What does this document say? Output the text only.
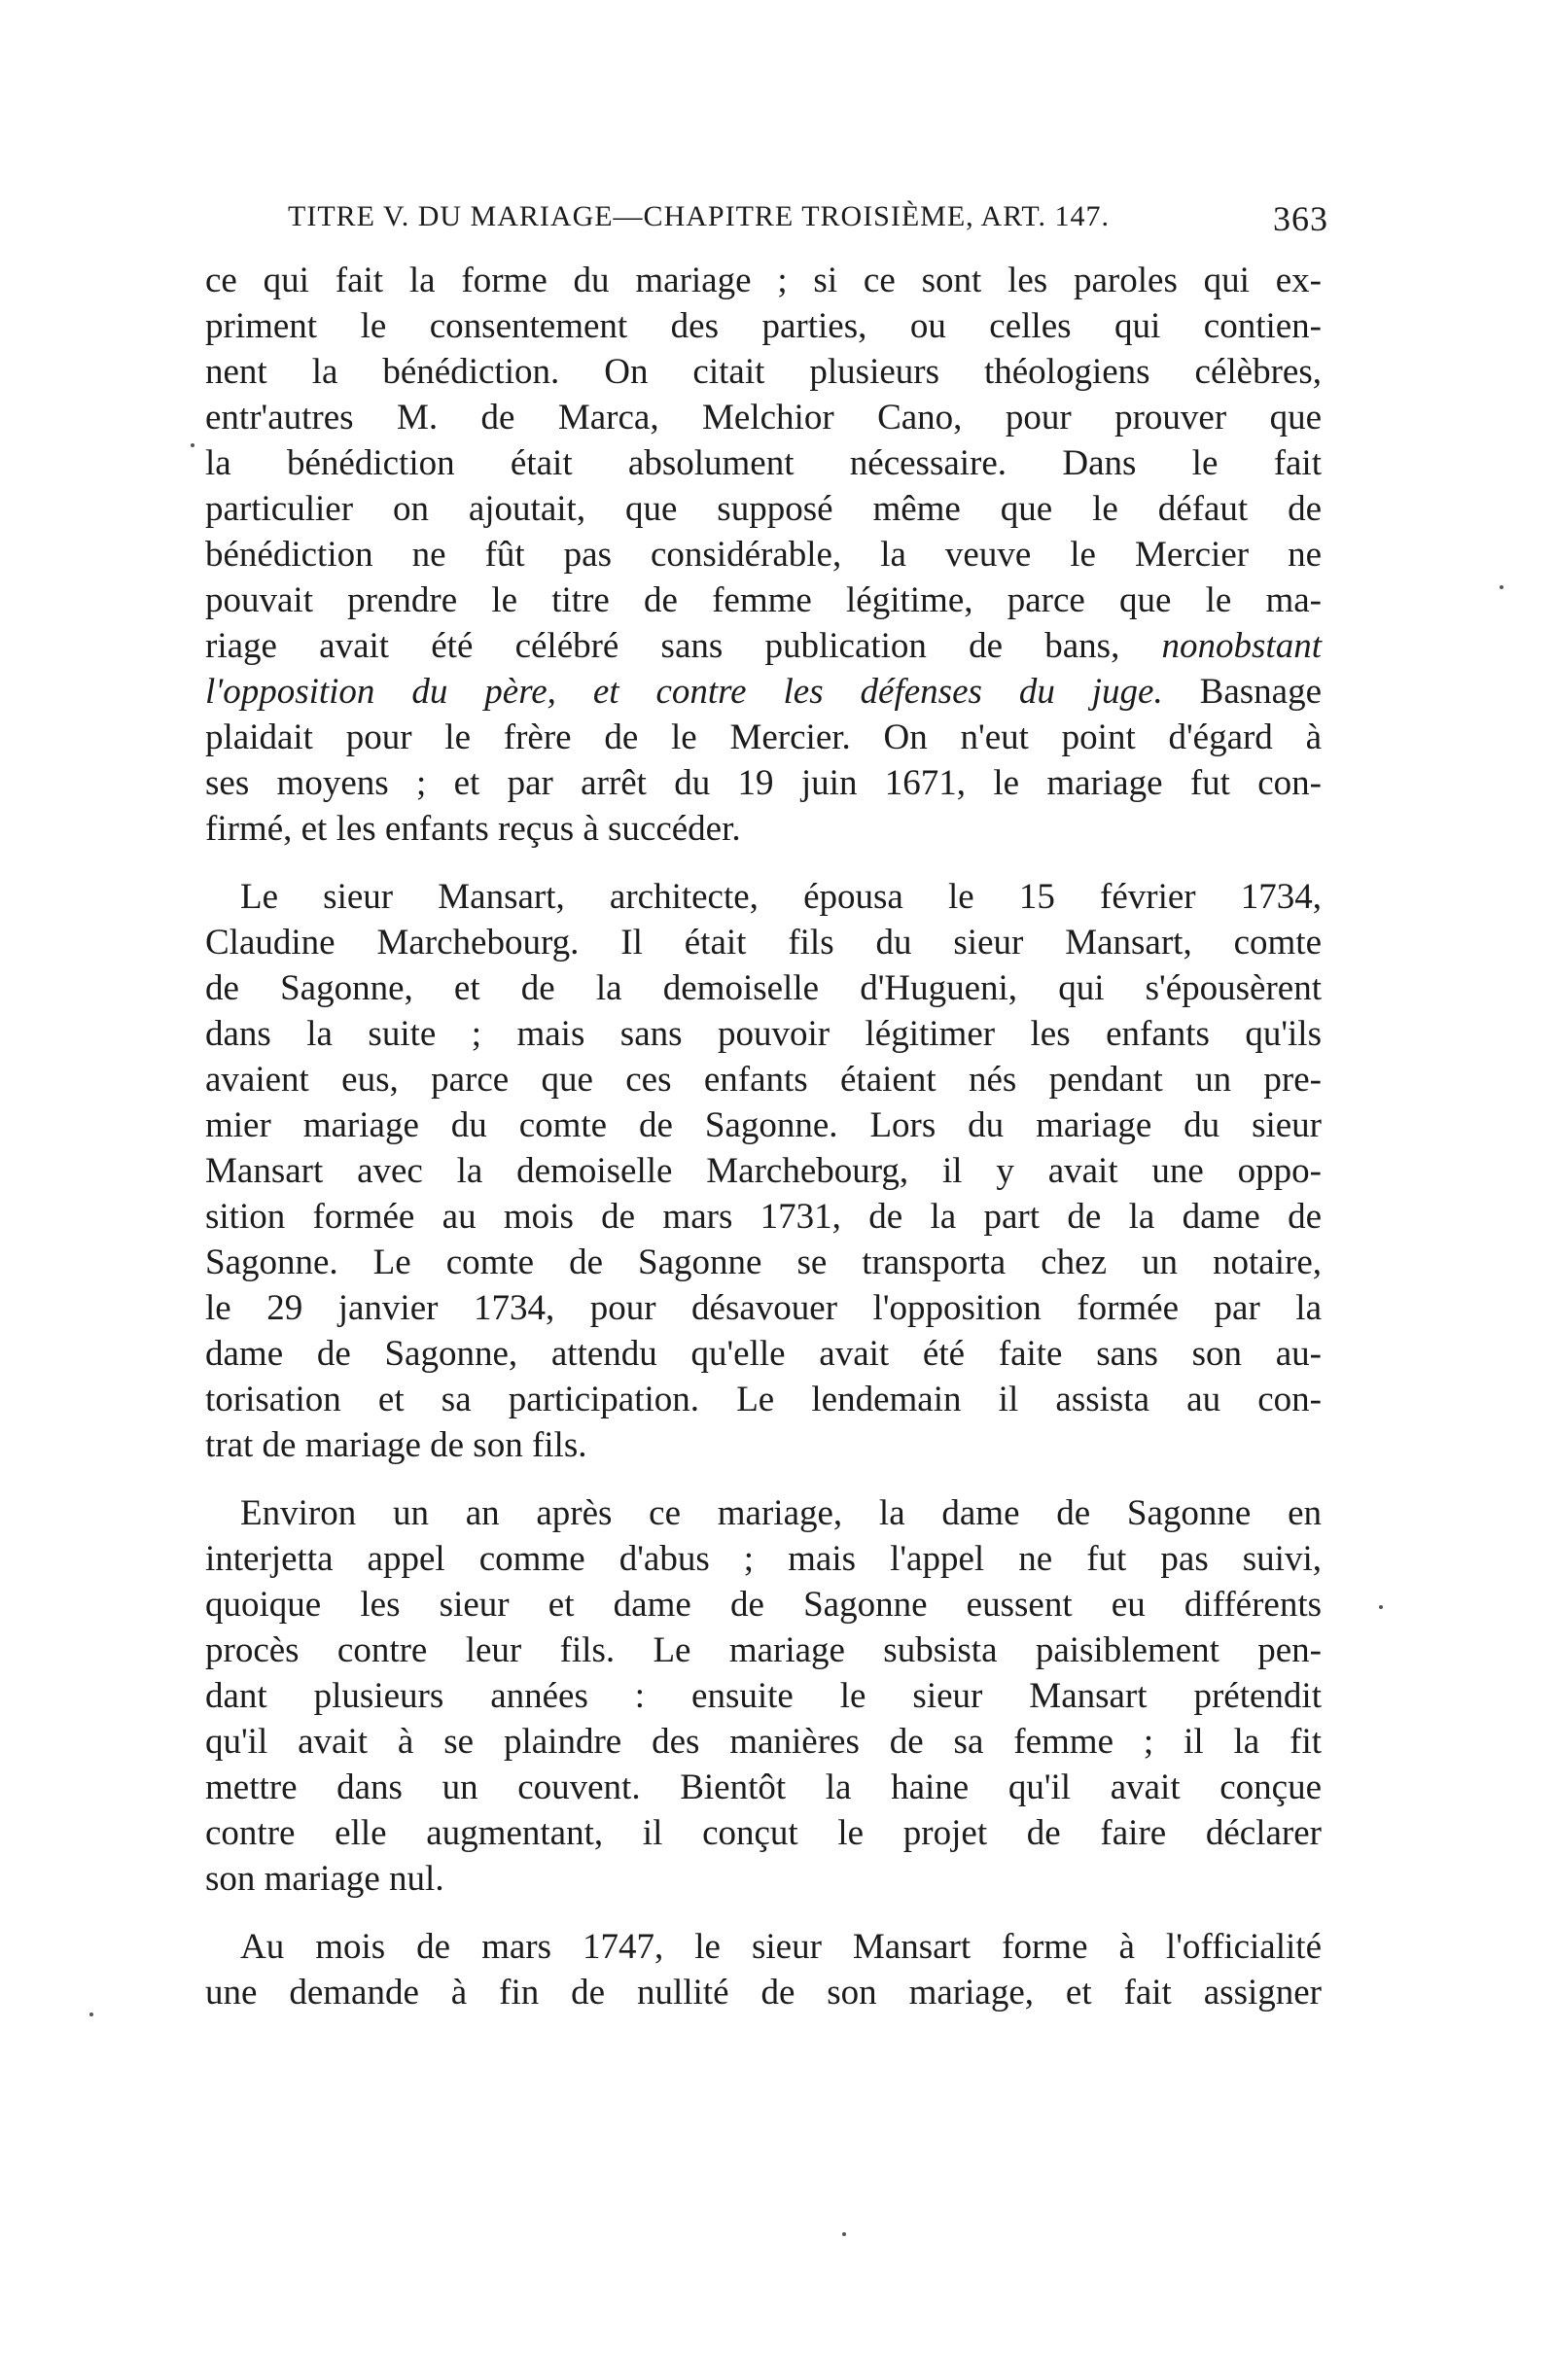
TITRE V. DU MARIAGE—CHAPITRE TROISIÈME, ART. 147.	363
ce qui fait la forme du mariage ; si ce sont les paroles qui ex-
priment le consentement des parties, ou celles qui contien-
nent la bénédiction. On citait plusieurs théologiens célèbres,
entr'autres M. de Marca, Melchior Cano, pour prouver que
la bénédiction était absolument nécessaire. Dans le fait
particulier on ajoutait, que supposé même que le défaut de
bénédiction ne fût pas considérable, la veuve le Mercier ne
pouvait prendre le titre de femme légitime, parce que le ma-
riage avait été célébré sans publication de bans, nonobstant
l'opposition du père, et contre les défenses du juge. Basnage
plaidait pour le frère de le Mercier. On n'eut point d'égard à
ses moyens ; et par arrêt du 19 juin 1671, le mariage fut con-
firmé, et les enfants reçus à succéder.
Le sieur Mansart, architecte, épousa le 15 février 1734,
Claudine Marchebourg. Il était fils du sieur Mansart, comte
de Sagonne, et de la demoiselle d'Hugueni, qui s'épousèrent
dans la suite ; mais sans pouvoir légitimer les enfants qu'ils
avaient eus, parce que ces enfants étaient nés pendant un pre-
mier mariage du comte de Sagonne. Lors du mariage du sieur
Mansart avec la demoiselle Marchebourg, il y avait une oppo-
sition formée au mois de mars 1731, de la part de la dame de
Sagonne. Le comte de Sagonne se transporta chez un notaire,
le 29 janvier 1734, pour désavouer l'opposition formée par la
dame de Sagonne, attendu qu'elle avait été faite sans son au-
torisation et sa participation. Le lendemain il assista au con-
trat de mariage de son fils.
Environ un an après ce mariage, la dame de Sagonne en
interjetta appel comme d'abus ; mais l'appel ne fut pas suivi,
quoique les sieur et dame de Sagonne eussent eu différents
procès contre leur fils. Le mariage subsista paisiblement pen-
dant plusieurs années : ensuite le sieur Mansart prétendit
qu'il avait à se plaindre des manières de sa femme ; il la fit
mettre dans un couvent. Bientôt la haine qu'il avait conçue
contre elle augmentant, il conçut le projet de faire déclarer
son mariage nul.
Au mois de mars 1747, le sieur Mansart forme à l'officialité
une demande à fin de nullité de son mariage, et fait assigner
